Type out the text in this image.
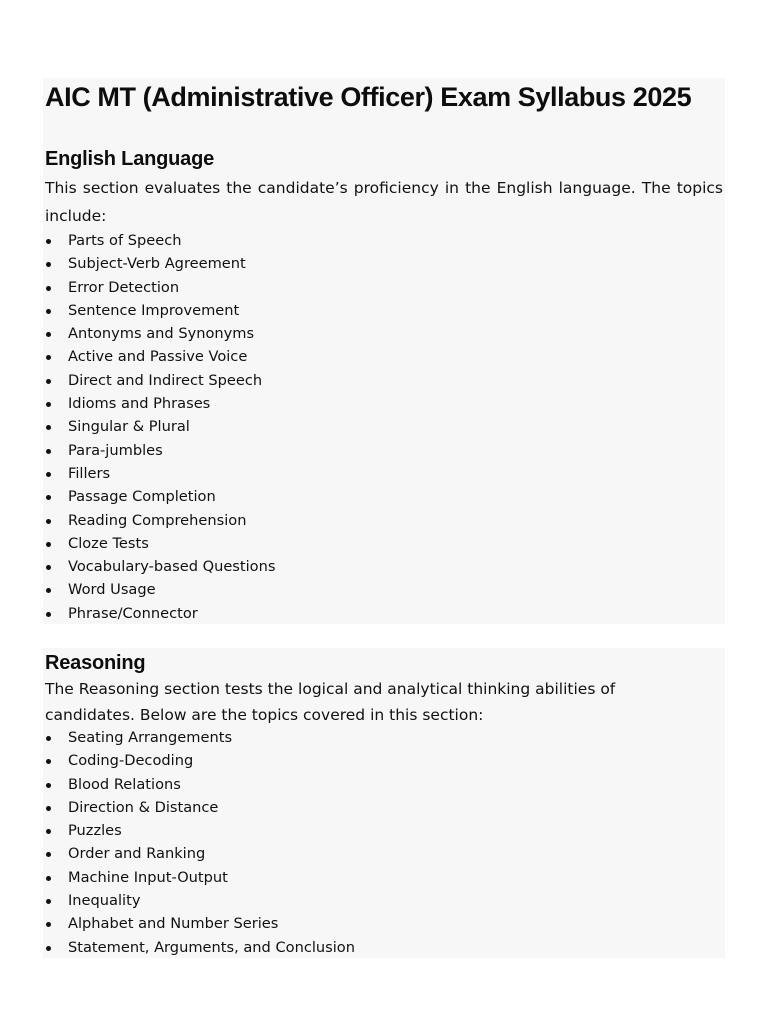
AIC MT (Administrative Officer) Exam Syllabus 2025
English Language

This section evaluates the candidate’s proficiency in the English language. The topics include:

Parts of Speech
Subject-Verb Agreement
Error Detection
Sentence Improvement
Antonyms and Synonyms
Active and Passive Voice
Direct and Indirect Speech
Idioms and Phrases
Singular & Plural
Para-jumbles
Fillers
Passage Completion
Reading Comprehension
Cloze Tests
Vocabulary-based Questions
Word Usage
Phrase/Connector
Reasoning
The Reasoning section tests the logical and analytical thinking abilities of
candidates. Below are the topics covered in this section:
Seating Arrangements
Coding-Decoding
Blood Relations
Direction & Distance
Puzzles
Order and Ranking
Machine Input-Output
Inequality
Alphabet and Number Series
Statement, Arguments, and Conclusion
